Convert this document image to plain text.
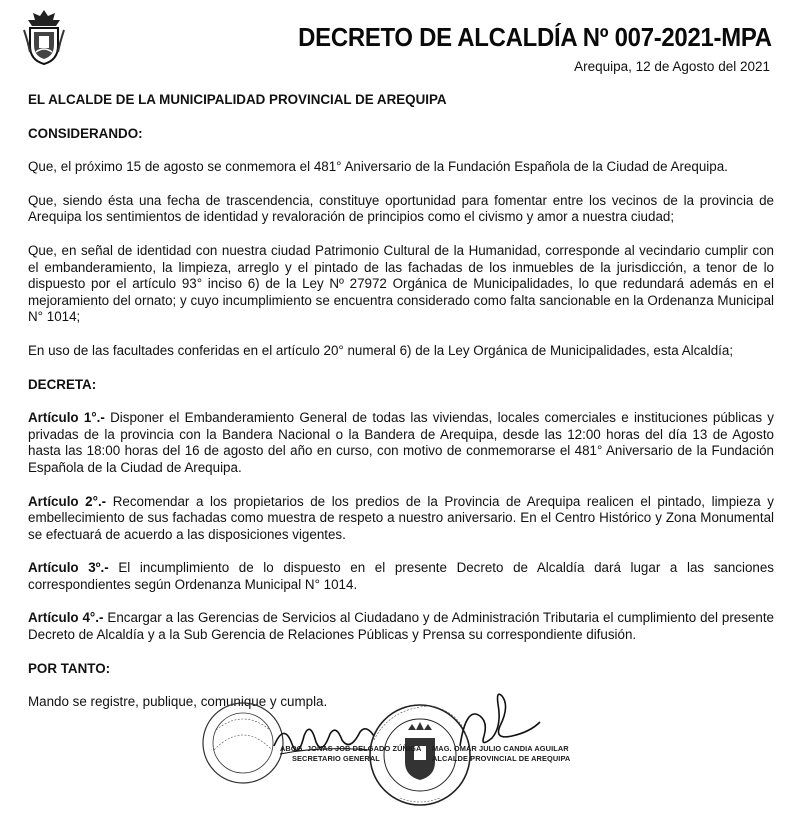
DECRETO DE ALCALDÍA Nº 007-2021-MPA
Arequipa, 12 de Agosto del 2021

EL ALCALDE DE LA MUNICIPALIDAD PROVINCIAL DE AREQUIPA

CONSIDERANDO:

Que, el próximo 15 de agosto se conmemora el 481° Aniversario de la Fundación Española de la Ciudad de Arequipa.

Que, siendo ésta una fecha de trascendencia, constituye oportunidad para fomentar entre los vecinos de la provincia de Arequipa los sentimientos de identidad y revaloración de principios como el civismo y amor a nuestra ciudad;

Que, en señal de identidad con nuestra ciudad Patrimonio Cultural de la Humanidad, corresponde al vecindario cumplir con el embanderamiento, la limpieza, arreglo y el pintado de las fachadas de los inmuebles de la jurisdicción, a tenor de lo dispuesto por el artículo 93° inciso 6) de la Ley Nº 27972 Orgánica de Municipalidades, lo que redundará además en el mejoramiento del ornato; y cuyo incumplimiento se encuentra considerado como falta sancionable en la Ordenanza Municipal N° 1014;

En uso de las facultades conferidas en el artículo 20° numeral 6) de la Ley Orgánica de Municipalidades, esta Alcaldía;

DECRETA:

Artículo 1°.- Disponer el Embanderamiento General de todas las viviendas, locales comerciales e instituciones públicas y privadas de la provincia con la Bandera Nacional o la Bandera de Arequipa, desde las 12:00 horas del día 13 de Agosto hasta las 18:00 horas del 16 de agosto del año en curso, con motivo de conmemorarse el 481° Aniversario de la Fundación Española de la Ciudad de Arequipa.

Artículo 2°.- Recomendar a los propietarios de los predios de la Provincia de Arequipa realicen el pintado, limpieza y embellecimiento de sus fachadas como muestra de respeto a nuestro aniversario. En el Centro Histórico y Zona Monumental se efectuará de acuerdo a las disposiciones vigentes.

Artículo 3º.- El incumplimiento de lo dispuesto en el presente Decreto de Alcaldía dará lugar a las sanciones correspondientes según Ordenanza Municipal N° 1014.

Artículo 4°.- Encargar a las Gerencias de Servicios al Ciudadano y de Administración Tributaria el cumplimiento del presente Decreto de Alcaldía y a la Sub Gerencia de Relaciones Públicas y Prensa su correspondiente difusión.

POR TANTO:

Mando se registre, publique, comunique y cumpla.

ABOG. JONAS JOB DELGADO ZÚÑIGA
SECRETARIO GENERAL
MAG. OMAR JULIO CANDIA AGUILAR
ALCALDE PROVINCIAL DE AREQUIPA
